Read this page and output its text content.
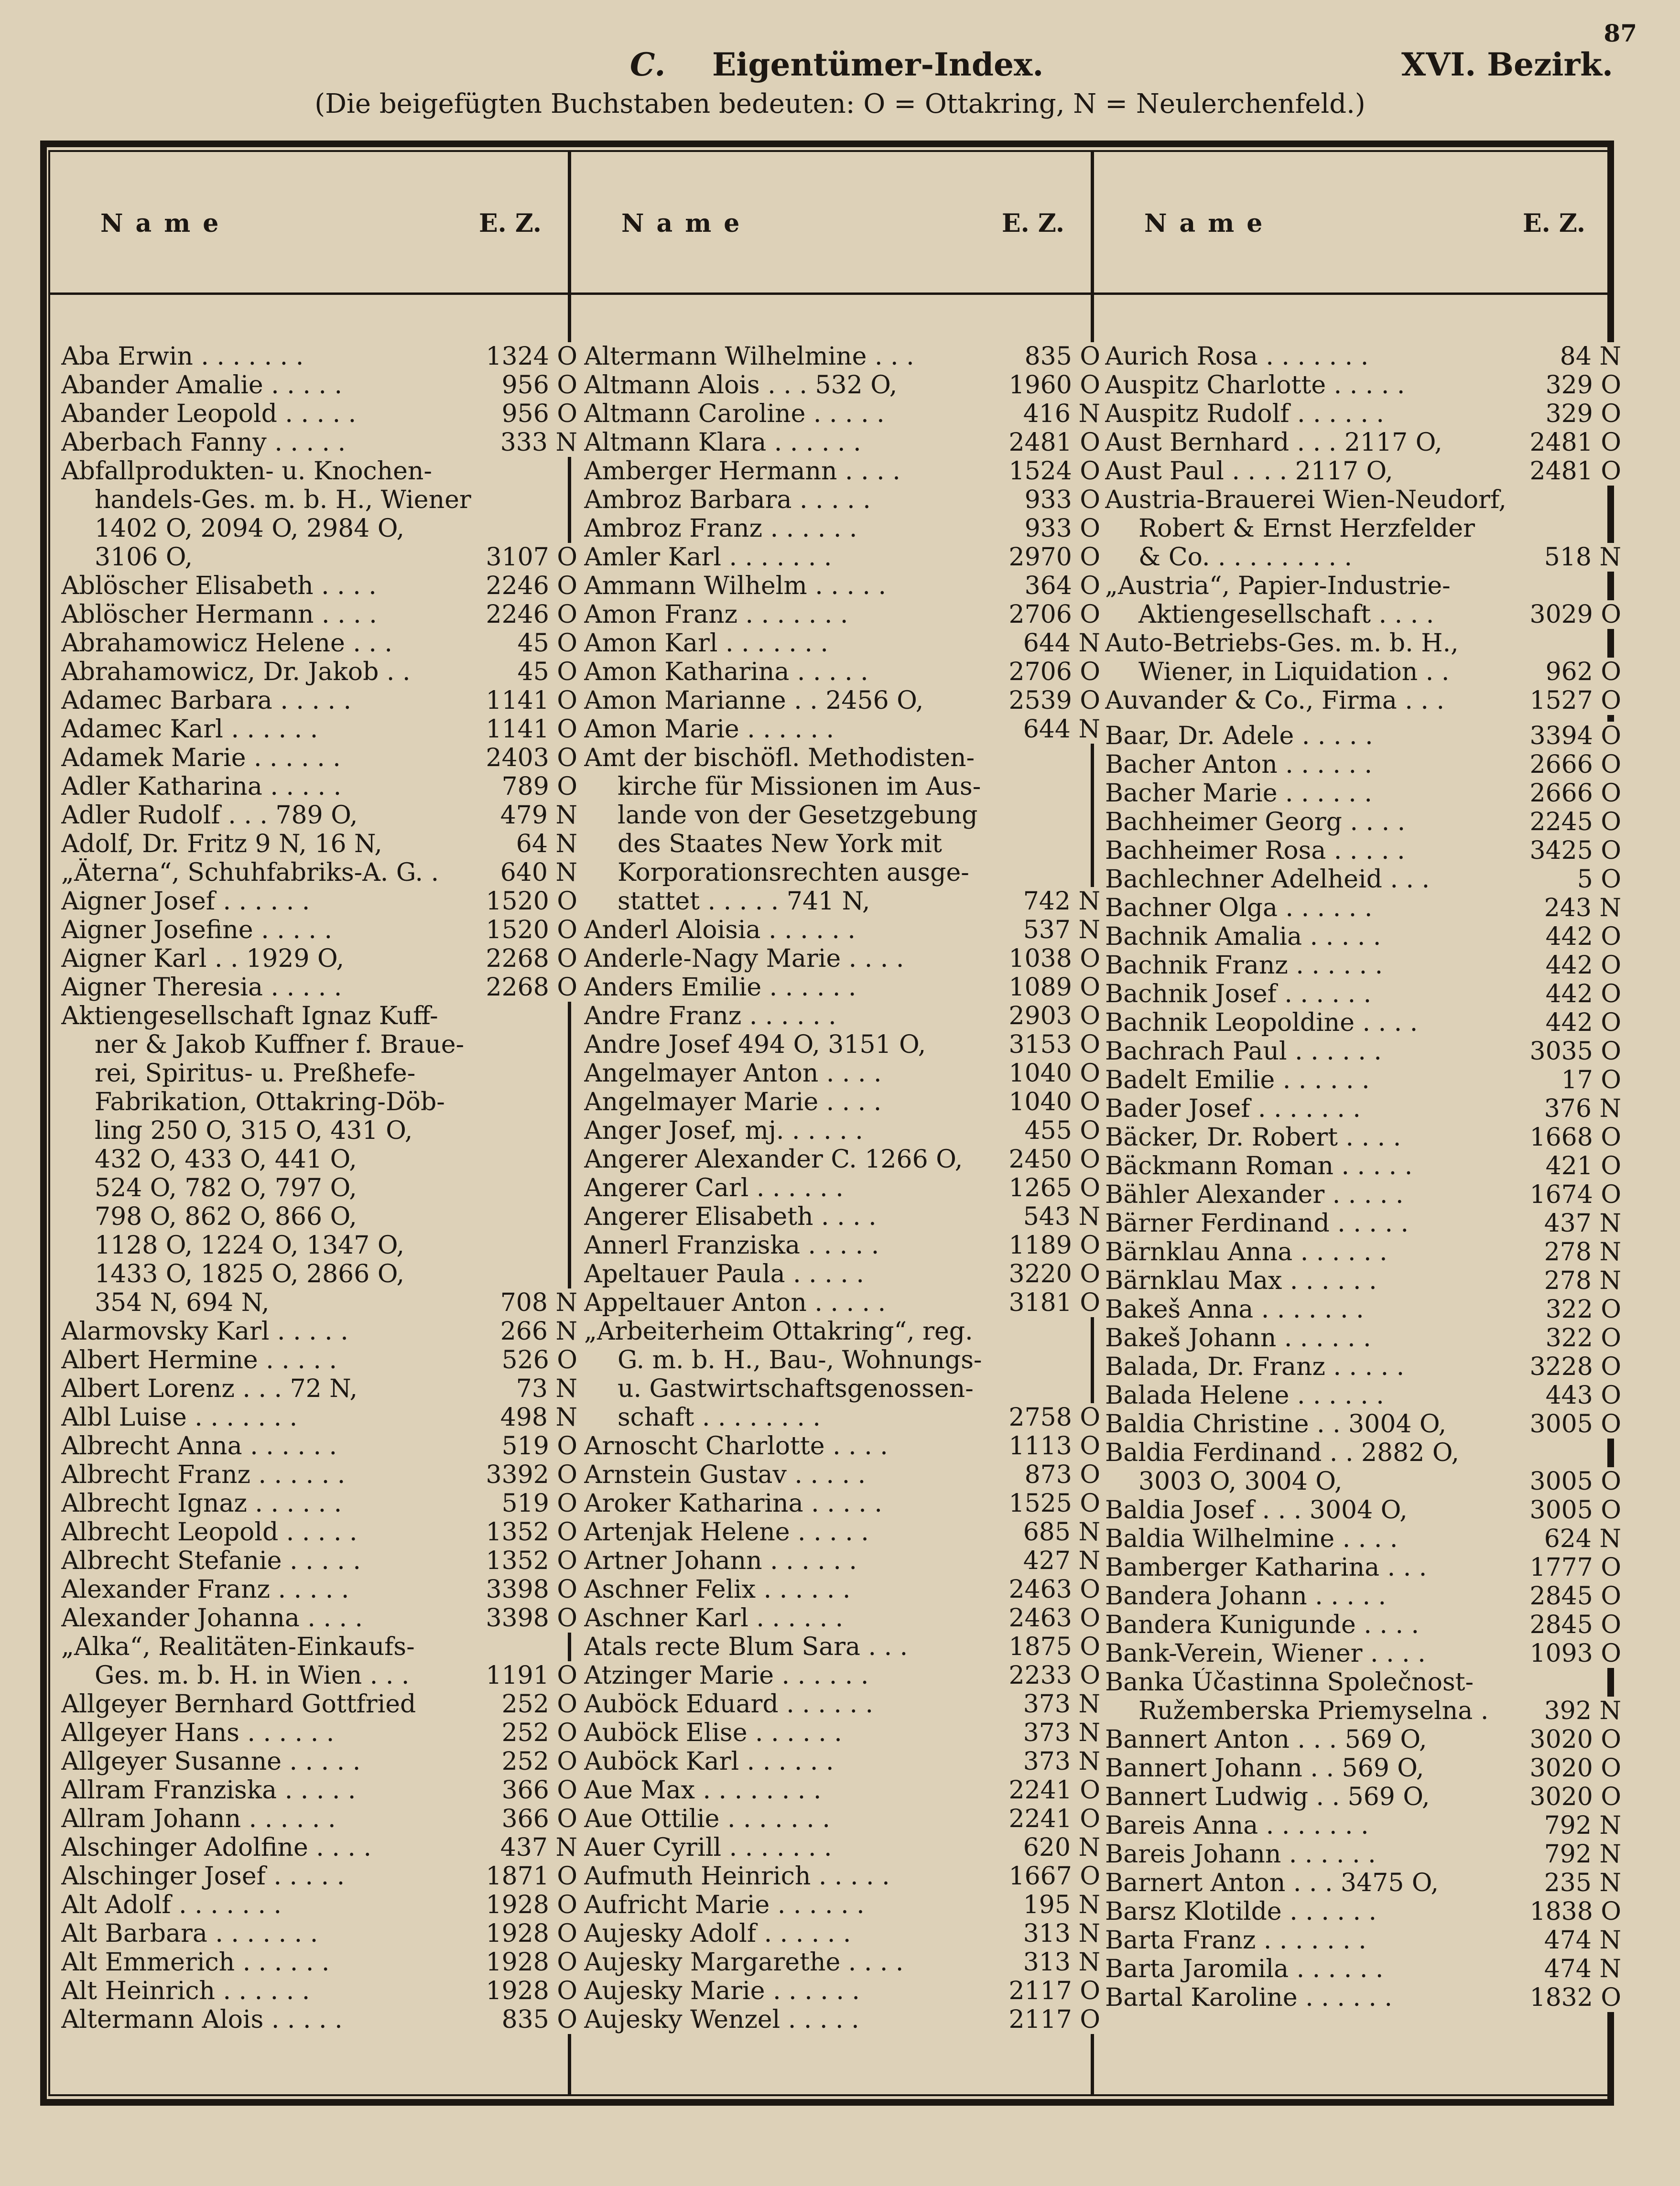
87
C. Eigentümer-Index.	XVI. Bezirk.
(Die beigefügten Buchstaben bedeuten: O = Ottakring, N = Neulerchenfeld.)
Name	E. Z.	Name	E. Z.	Name	E. Z.
Aba Erwin . . . . . . .	1324 O
Abander Amalie . . . . .	956 O
Abander Leopold . . . . .	956 O
Aberbach Fanny . . . . .	333 N
Abfallprodukten- u. Knochen-
handels-Ges. m. b. H., Wiener
1402 O, 2094 O, 2984 O,
3106 O,	3107 O
Ablöscher Elisabeth . . . .	2246 O
Ablöscher Hermann . . . .	2246 O
Abrahamowicz Helene . . .	45 O
Abrahamowicz, Dr. Jakob . .	45 O
Adamec Barbara . . . . .	1141 O
Adamec Karl . . . . . .	1141 O
Adamek Marie . . . . . .	2403 O
Adler Katharina . . . . .	789 O
Adler Rudolf . . . 789 O,	479 N
Adolf, Dr. Fritz 9 N, 16 N,	64 N
„Äterna“, Schuhfabriks-A. G. . 640 N
Aigner Josef . . . . . .	1520 O
Aigner Josefine . . . . .	1520 O
Aigner Karl . . 1929 O,	2268 O
Aigner Theresia . . . . .	2268 O
Aktiengesellschaft Ignaz Kuff-
ner & Jakob Kuffner f. Braue-
rei, Spiritus- u. Preßhefe-
Fabrikation, Ottakring-Döb-
ling 250 O, 315 O, 431 O,
432 O, 433 O, 441 O,
524 O, 782 O, 797 O,
798 O, 862 O, 866 O,
1128 O, 1224 O, 1347 O,
1433 O, 1825 O, 2866 O,
354 N, 694 N,	708 N
Alarmovsky Karl . . . . .	266 N
Albert Hermine . . . . .	526 O
Albert Lorenz . . . 72 N,	73 N
Albl Luise . . . . . . .	498 N
Albrecht Anna . . . . . .	519 O
Albrecht Franz . . . . . .	3392 O
Albrecht Ignaz . . . . . .	519 O
Albrecht Leopold . . . . .	1352 O
Albrecht Stefanie . . . . .	1352 O
Alexander Franz . . . . .	3398 O
Alexander Johanna . . . .	3398 O
„Alka“, Realitäten-Einkaufs-
Ges. m. b. H. in Wien . . .	1191 O
Allgeyer Bernhard Gottfried	252 O
Allgeyer Hans . . . . . .	252 O
Allgeyer Susanne . . . . .	252 O
Allram Franziska . . . . .	366 O
Allram Johann . . . . . .	366 O
Alschinger Adolfine . . . .	437 N
Alschinger Josef . . . . .	1871 O
Alt Adolf . . . . . . .	1928 O
Alt Barbara . . . . . . .	1928 O
Alt Emmerich . . . . . .	1928 O
Alt Heinrich . . . . . .	1928 O
Altermann Alois . . . . .	835 O
Altermann Wilhelmine . . .	835 O
Altmann Alois . . . 532 O,	1960 O
Altmann Caroline . . . . .	416 N
Altmann Klara . . . . . .	2481 O
Amberger Hermann . . . .	1524 O
Ambroz Barbara . . . . .	933 O
Ambroz Franz . . . . . .	933 O
Amler Karl . . . . . . .	2970 O
Ammann Wilhelm . . . . .	364 O
Amon Franz . . . . . . .	2706 O
Amon Karl . . . . . . .	644 N
Amon Katharina . . . . .	2706 O
Amon Marianne . . 2456 O,	2539 O
Amon Marie . . . . . .	644 N
Amt der bischöfl. Methodisten-
kirche für Missionen im Aus-
lande von der Gesetzgebung
des Staates New York mit
Korporationsrechten ausge-
stattet . . . . . 741 N,	742 N
Anderl Aloisia . . . . . .	537 N
Anderle-Nagy Marie . . . .	1038 O
Anders Emilie . . . . . .	1089 O
Andre Franz . . . . . .	2903 O
Andre Josef 494 O, 3151 O,	3153 O
Angelmayer Anton . . . .	1040 O
Angelmayer Marie . . . .	1040 O
Anger Josef, mj. . . . . .	455 O
Angerer Alexander C. 1266 O, 2450 O
Angerer Carl . . . . . .	1265 O
Angerer Elisabeth . . . .	543 N
Annerl Franziska . . . . .	1189 O
Apeltauer Paula . . . . .	3220 O
Appeltauer Anton . . . . .	3181 O
„Arbeiterheim Ottakring“, reg.
G. m. b. H., Bau-, Wohnungs-
u. Gastwirtschaftsgenossen-
schaft . . . . . . . .	2758 O
Arnoscht Charlotte . . . .	1113 O
Arnstein Gustav . . . . .	873 O
Aroker Katharina . . . . .	1525 O
Artenjak Helene . . . . .	685 N
Artner Johann . . . . . .	427 N
Aschner Felix . . . . . .	2463 O
Aschner Karl . . . . . .	2463 O
Atals recte Blum Sara . . .	1875 O
Atzinger Marie . . . . . .	2233 O
Auböck Eduard . . . . . .	373 N
Auböck Elise . . . . . .	373 N
Auböck Karl . . . . . .	373 N
Aue Max . . . . . . . .	2241 O
Aue Ottilie . . . . . . .	2241 O
Auer Cyrill . . . . . . .	620 N
Aufmuth Heinrich . . . . .	1667 O
Aufricht Marie . . . . . .	195 N
Aujesky Adolf . . . . . .	313 N
Aujesky Margarethe . . . .	313 N
Aujesky Marie . . . . . .	2117 O
Aujesky Wenzel . . . . .	2117 O
Aurich Rosa . . . . . . .	84 N
Auspitz Charlotte . . . . .	329 O
Auspitz Rudolf . . . . . .	329 O
Aust Bernhard . . . 2117 O,	2481 O
Aust Paul . . . . 2117 O,	2481 O
Austria-Brauerei Wien-Neudorf,
Robert & Ernst Herzfelder
& Co. . . . . . . . . .	518 N
„Austria“, Papier-Industrie-
Aktiengesellschaft . . . .	3029 O
Auto-Betriebs-Ges. m. b. H.,
Wiener, in Liquidation . .	962 O
Auvander & Co., Firma . . .	1527 O
Baar, Dr. Adele . . . . .	3394 O
Bacher Anton . . . . . .	2666 O
Bacher Marie . . . . . .	2666 O
Bachheimer Georg . . . .	2245 O
Bachheimer Rosa . . . . .	3425 O
Bachlechner Adelheid . . .	5 O
Bachner Olga . . . . . .	243 N
Bachnik Amalia . . . . .	442 O
Bachnik Franz . . . . . .	442 O
Bachnik Josef . . . . . .	442 O
Bachnik Leopoldine . . . .	442 O
Bachrach Paul . . . . . .	3035 O
Badelt Emilie . . . . . .	17 O
Bader Josef . . . . . . .	376 N
Bäcker, Dr. Robert . . . .	1668 O
Bäckmann Roman . . . . .	421 O
Bähler Alexander . . . . .	1674 O
Bärner Ferdinand . . . . .	437 N
Bärnklau Anna . . . . . .	278 N
Bärnklau Max . . . . . .	278 N
Bakeš Anna . . . . . . .	322 O
Bakeš Johann . . . . . .	322 O
Balada, Dr. Franz . . . . .	3228 O
Balada Helene . . . . . .	443 O
Baldia Christine . . 3004 O,	3005 O
Baldia Ferdinand . . 2882 O,
3003 O, 3004 O,	3005 O
Baldia Josef . . . 3004 O,	3005 O
Baldia Wilhelmine . . . .	624 N
Bamberger Katharina . . .	1777 O
Bandera Johann . . . . .	2845 O
Bandera Kunigunde . . . .	2845 O
Bank-Verein, Wiener . . . .	1093 O
Banka Účastinna Společnost-
Ružemberska Priemyselna . 392 N
Bannert Anton . . . 569 O,	3020 O
Bannert Johann . . 569 O,	3020 O
Bannert Ludwig . . 569 O,	3020 O
Bareis Anna . . . . . . .	792 N
Bareis Johann . . . . . .	792 N
Barnert Anton . . . 3475 O,	235 N
Barsz Klotilde . . . . . .	1838 O
Barta Franz . . . . . . .	474 N
Barta Jaromila . . . . . .	474 N
Bartal Karoline . . . . . .	1832 O
